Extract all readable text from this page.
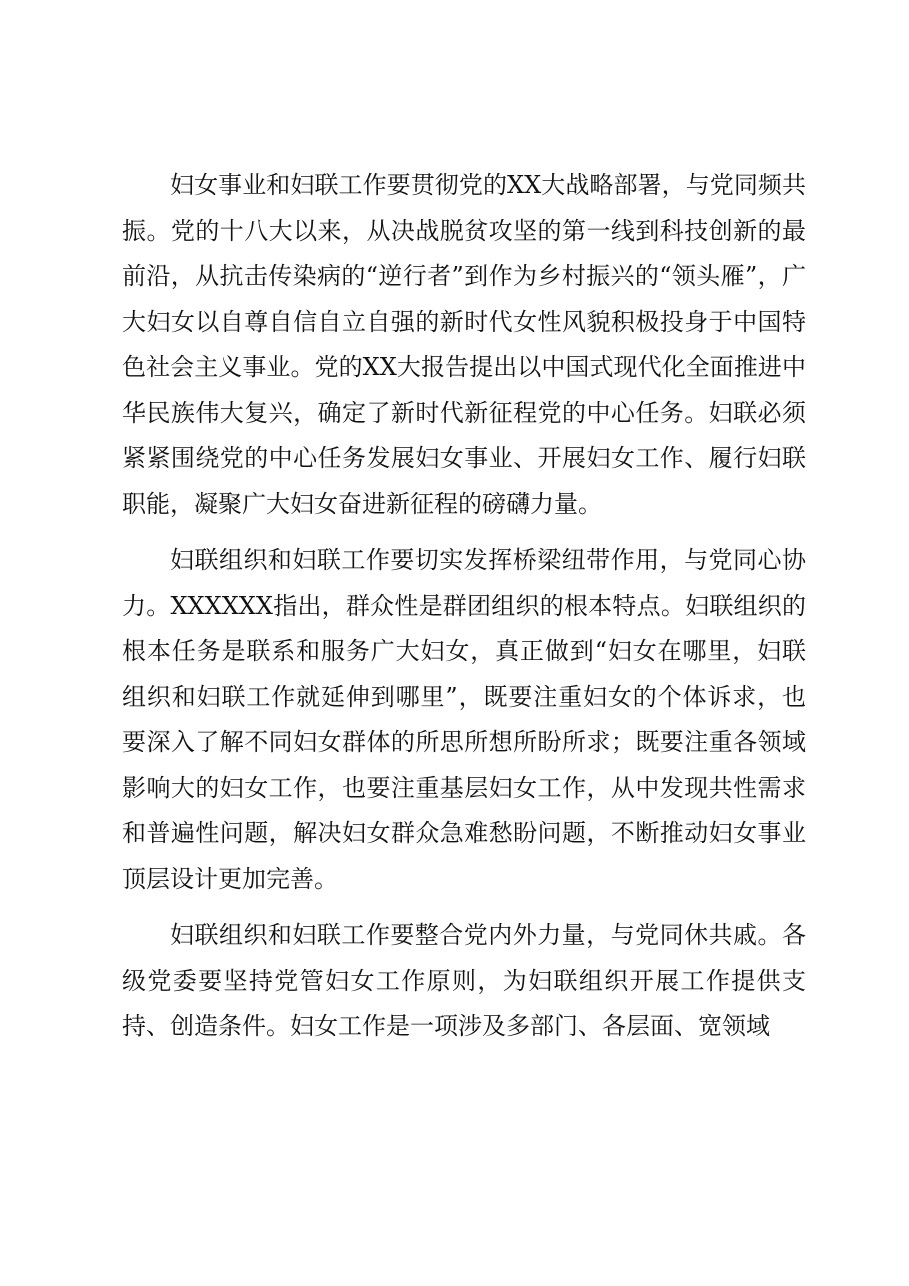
妇女事业和妇联工作要贯彻党的XX大战略部署，与党同频共振。党的十八大以来，从决战脱贫攻坚的第一线到科技创新的最前沿，从抗击传染病的“逆行者”到作为乡村振兴的“领头雁”，广大妇女以自尊自信自立自强的新时代女性风貌积极投身于中国特色社会主义事业。党的XX大报告提出以中国式现代化全面推进中华民族伟大复兴，确定了新时代新征程党的中心任务。妇联必须紧紧围绕党的中心任务发展妇女事业、开展妇女工作、履行妇联职能，凝聚广大妇女奋进新征程的磅礴力量。

妇联组织和妇联工作要切实发挥桥梁纽带作用，与党同心协力。XXXXXX指出，群众性是群团组织的根本特点。妇联组织的根本任务是联系和服务广大妇女，真正做到“妇女在哪里，妇联组织和妇联工作就延伸到哪里”，既要注重妇女的个体诉求，也要深入了解不同妇女群体的所思所想所盼所求；既要注重各领域影响大的妇女工作，也要注重基层妇女工作，从中发现共性需求和普遍性问题，解决妇女群众急难愁盼问题，不断推动妇女事业顶层设计更加完善。

妇联组织和妇联工作要整合党内外力量，与党同休共戚。各级党委要坚持党管妇女工作原则，为妇联组织开展工作提供支持、创造条件。妇女工作是一项涉及多部门、各层面、宽领域
